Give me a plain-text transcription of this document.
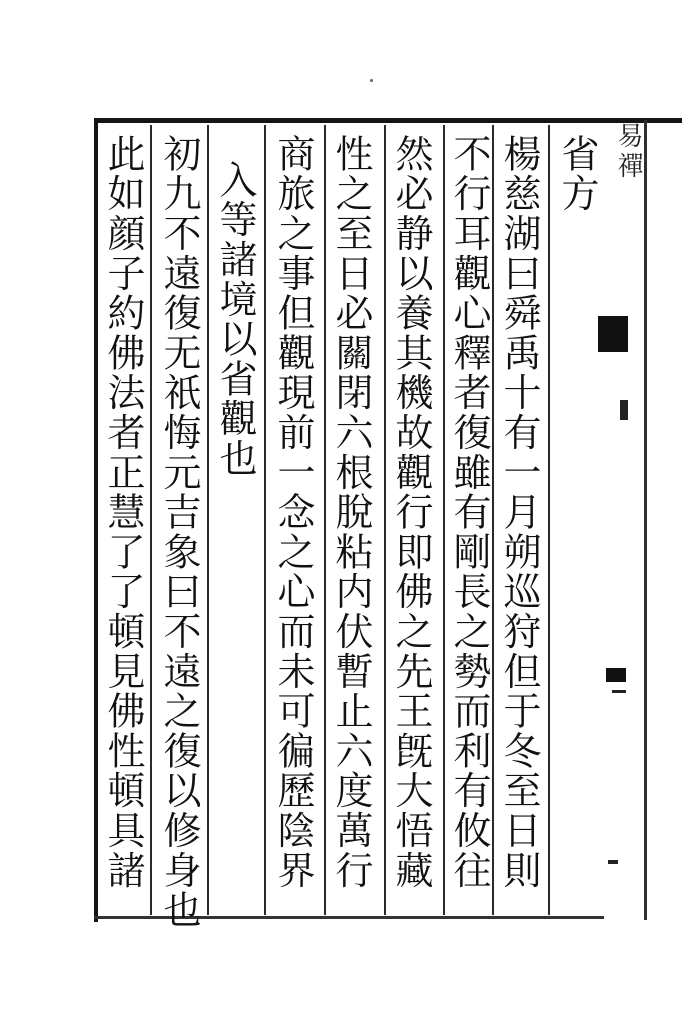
省方
楊慈湖曰舜禹十有一月朔巡狩但于冬至日則
不行耳觀心釋者復雖有剛長之勢而利有攸往
然必静以養其機故觀行即佛之先王旣大悟藏
性之至日必關閉六根脫粘内伏暫止六度萬行
商旅之事但觀現前一念之心而未可徧歷陰界
入等諸境以省觀也
初九不遠復无祇悔元吉象曰不遠之復以修身也
此如顔子約佛法者正慧了了頓見佛性頓具諸	易禪
